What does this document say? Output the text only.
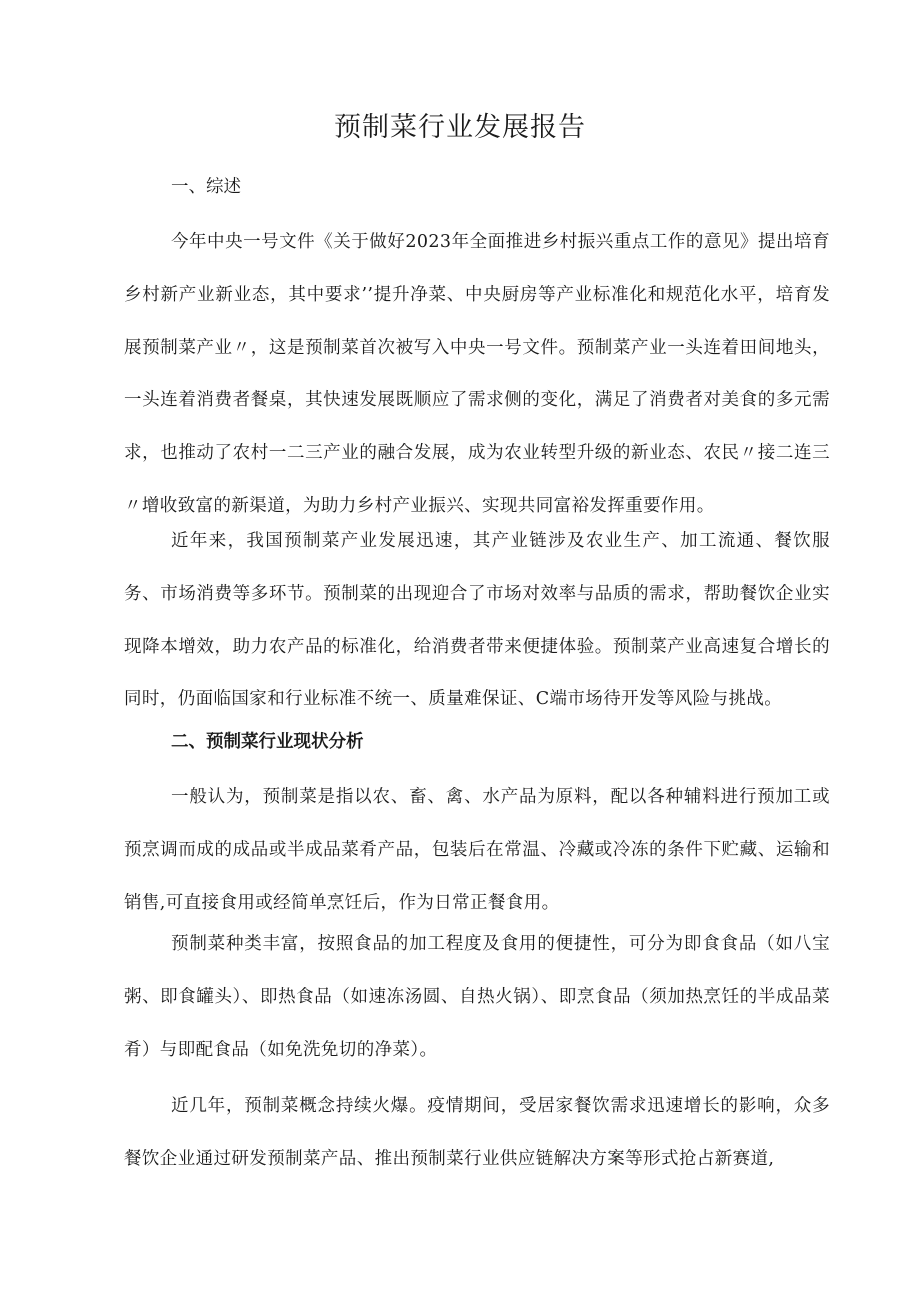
预制菜行业发展报告
一、综述

今年中央一号文件《关于做好2023年全面推进乡村振兴重点工作的意见》提出培育乡村新产业新业态，其中要求’’提升净菜、中央厨房等产业标准化和规范化水平，培育发展预制菜产业〃，这是预制菜首次被写入中央一号文件。预制菜产业一头连着田间地头，一头连着消费者餐桌，其快速发展既顺应了需求侧的变化，满足了消费者对美食的多元需求，也推动了农村一二三产业的融合发展，成为农业转型升级的新业态、农民〃接二连三〃增收致富的新渠道，为助力乡村产业振兴、实现共同富裕发挥重要作用。

近年来，我国预制菜产业发展迅速，其产业链涉及农业生产、加工流通、餐饮服务、市场消费等多环节。预制菜的出现迎合了市场对效率与品质的需求，帮助餐饮企业实现降本增效，助力农产品的标准化，给消费者带来便捷体验。预制菜产业高速复合增长的同时，仍面临国家和行业标准不统一、质量难保证、C端市场待开发等风险与挑战。

二、预制菜行业现状分析

一般认为，预制菜是指以农、畜、禽、水产品为原料，配以各种辅料进行预加工或预烹调而成的成品或半成品菜肴产品，包装后在常温、冷藏或冷冻的条件下贮藏、运输和销售,可直接食用或经简单烹饪后，作为日常正餐食用。

预制菜种类丰富，按照食品的加工程度及食用的便捷性，可分为即食食品（如八宝粥、即食罐头）、即热食品（如速冻汤圆、自热火锅）、即烹食品（须加热烹饪的半成品菜肴）与即配食品（如免洗免切的净菜）。

近几年，预制菜概念持续火爆。疫情期间，受居家餐饮需求迅速增长的影响，众多餐饮企业通过研发预制菜产品、推出预制菜行业供应链解决方案等形式抢占新赛道,
